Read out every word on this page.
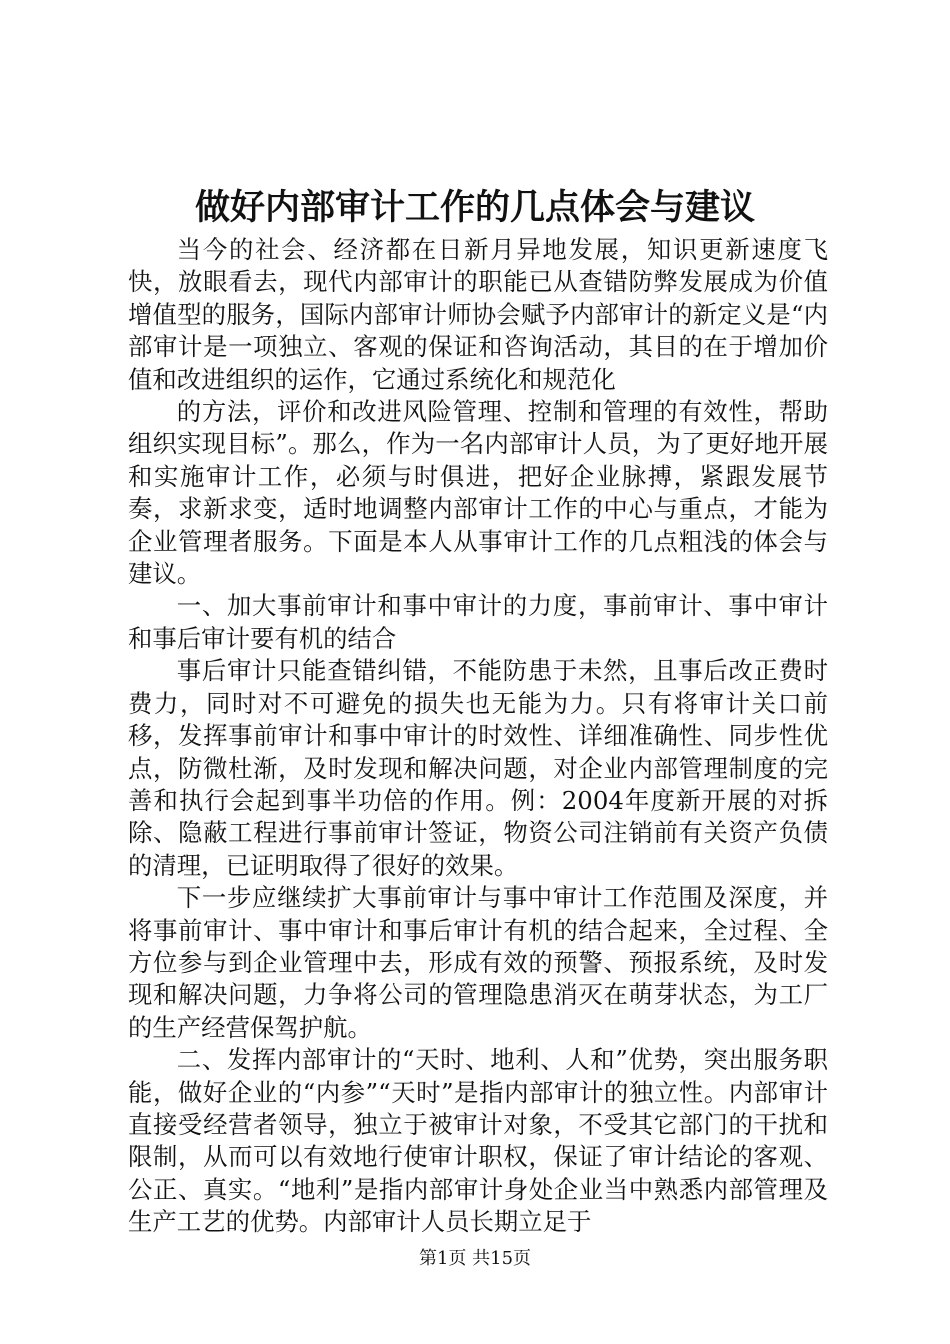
做好内部审计工作的几点体会与建议

当今的社会、经济都在日新月异地发展，知识更新速度飞快，放眼看去，现代内部审计的职能已从查错防弊发展成为价值增值型的服务，国际内部审计师协会赋予内部审计的新定义是“内部审计是一项独立、客观的保证和咨询活动，其目的在于增加价值和改进组织的运作，它通过系统化和规范化

的方法，评价和改进风险管理、控制和管理的有效性，帮助组织实现目标”。那么，作为一名内部审计人员，为了更好地开展和实施审计工作，必须与时俱进，把好企业脉搏，紧跟发展节奏，求新求变，适时地调整内部审计工作的中心与重点，才能为企业管理者服务。下面是本人从事审计工作的几点粗浅的体会与建议。

一、加大事前审计和事中审计的力度，事前审计、事中审计和事后审计要有机的结合

事后审计只能查错纠错，不能防患于未然，且事后改正费时费力，同时对不可避免的损失也无能为力。只有将审计关口前移，发挥事前审计和事中审计的时效性、详细准确性、同步性优点，防微杜渐，及时发现和解决问题，对企业内部管理制度的完善和执行会起到事半功倍的作用。例：2004年度新开展的对拆除、隐蔽工程进行事前审计签证，物资公司注销前有关资产负债的清理，已证明取得了很好的效果。

下一步应继续扩大事前审计与事中审计工作范围及深度，并将事前审计、事中审计和事后审计有机的结合起来，全过程、全方位参与到企业管理中去，形成有效的预警、预报系统，及时发现和解决问题，力争将公司的管理隐患消灭在萌芽状态，为工厂的生产经营保驾护航。

二、发挥内部审计的“天时、地利、人和”优势，突出服务职能，做好企业的“内参”“天时”是指内部审计的独立性。内部审计直接受经营者领导，独立于被审计对象，不受其它部门的干扰和限制，从而可以有效地行使审计职权，保证了审计结论的客观、公正、真实。“地利”是指内部审计身处企业当中熟悉内部管理及生产工艺的优势。内部审计人员长期立足于

第1页 共15页
